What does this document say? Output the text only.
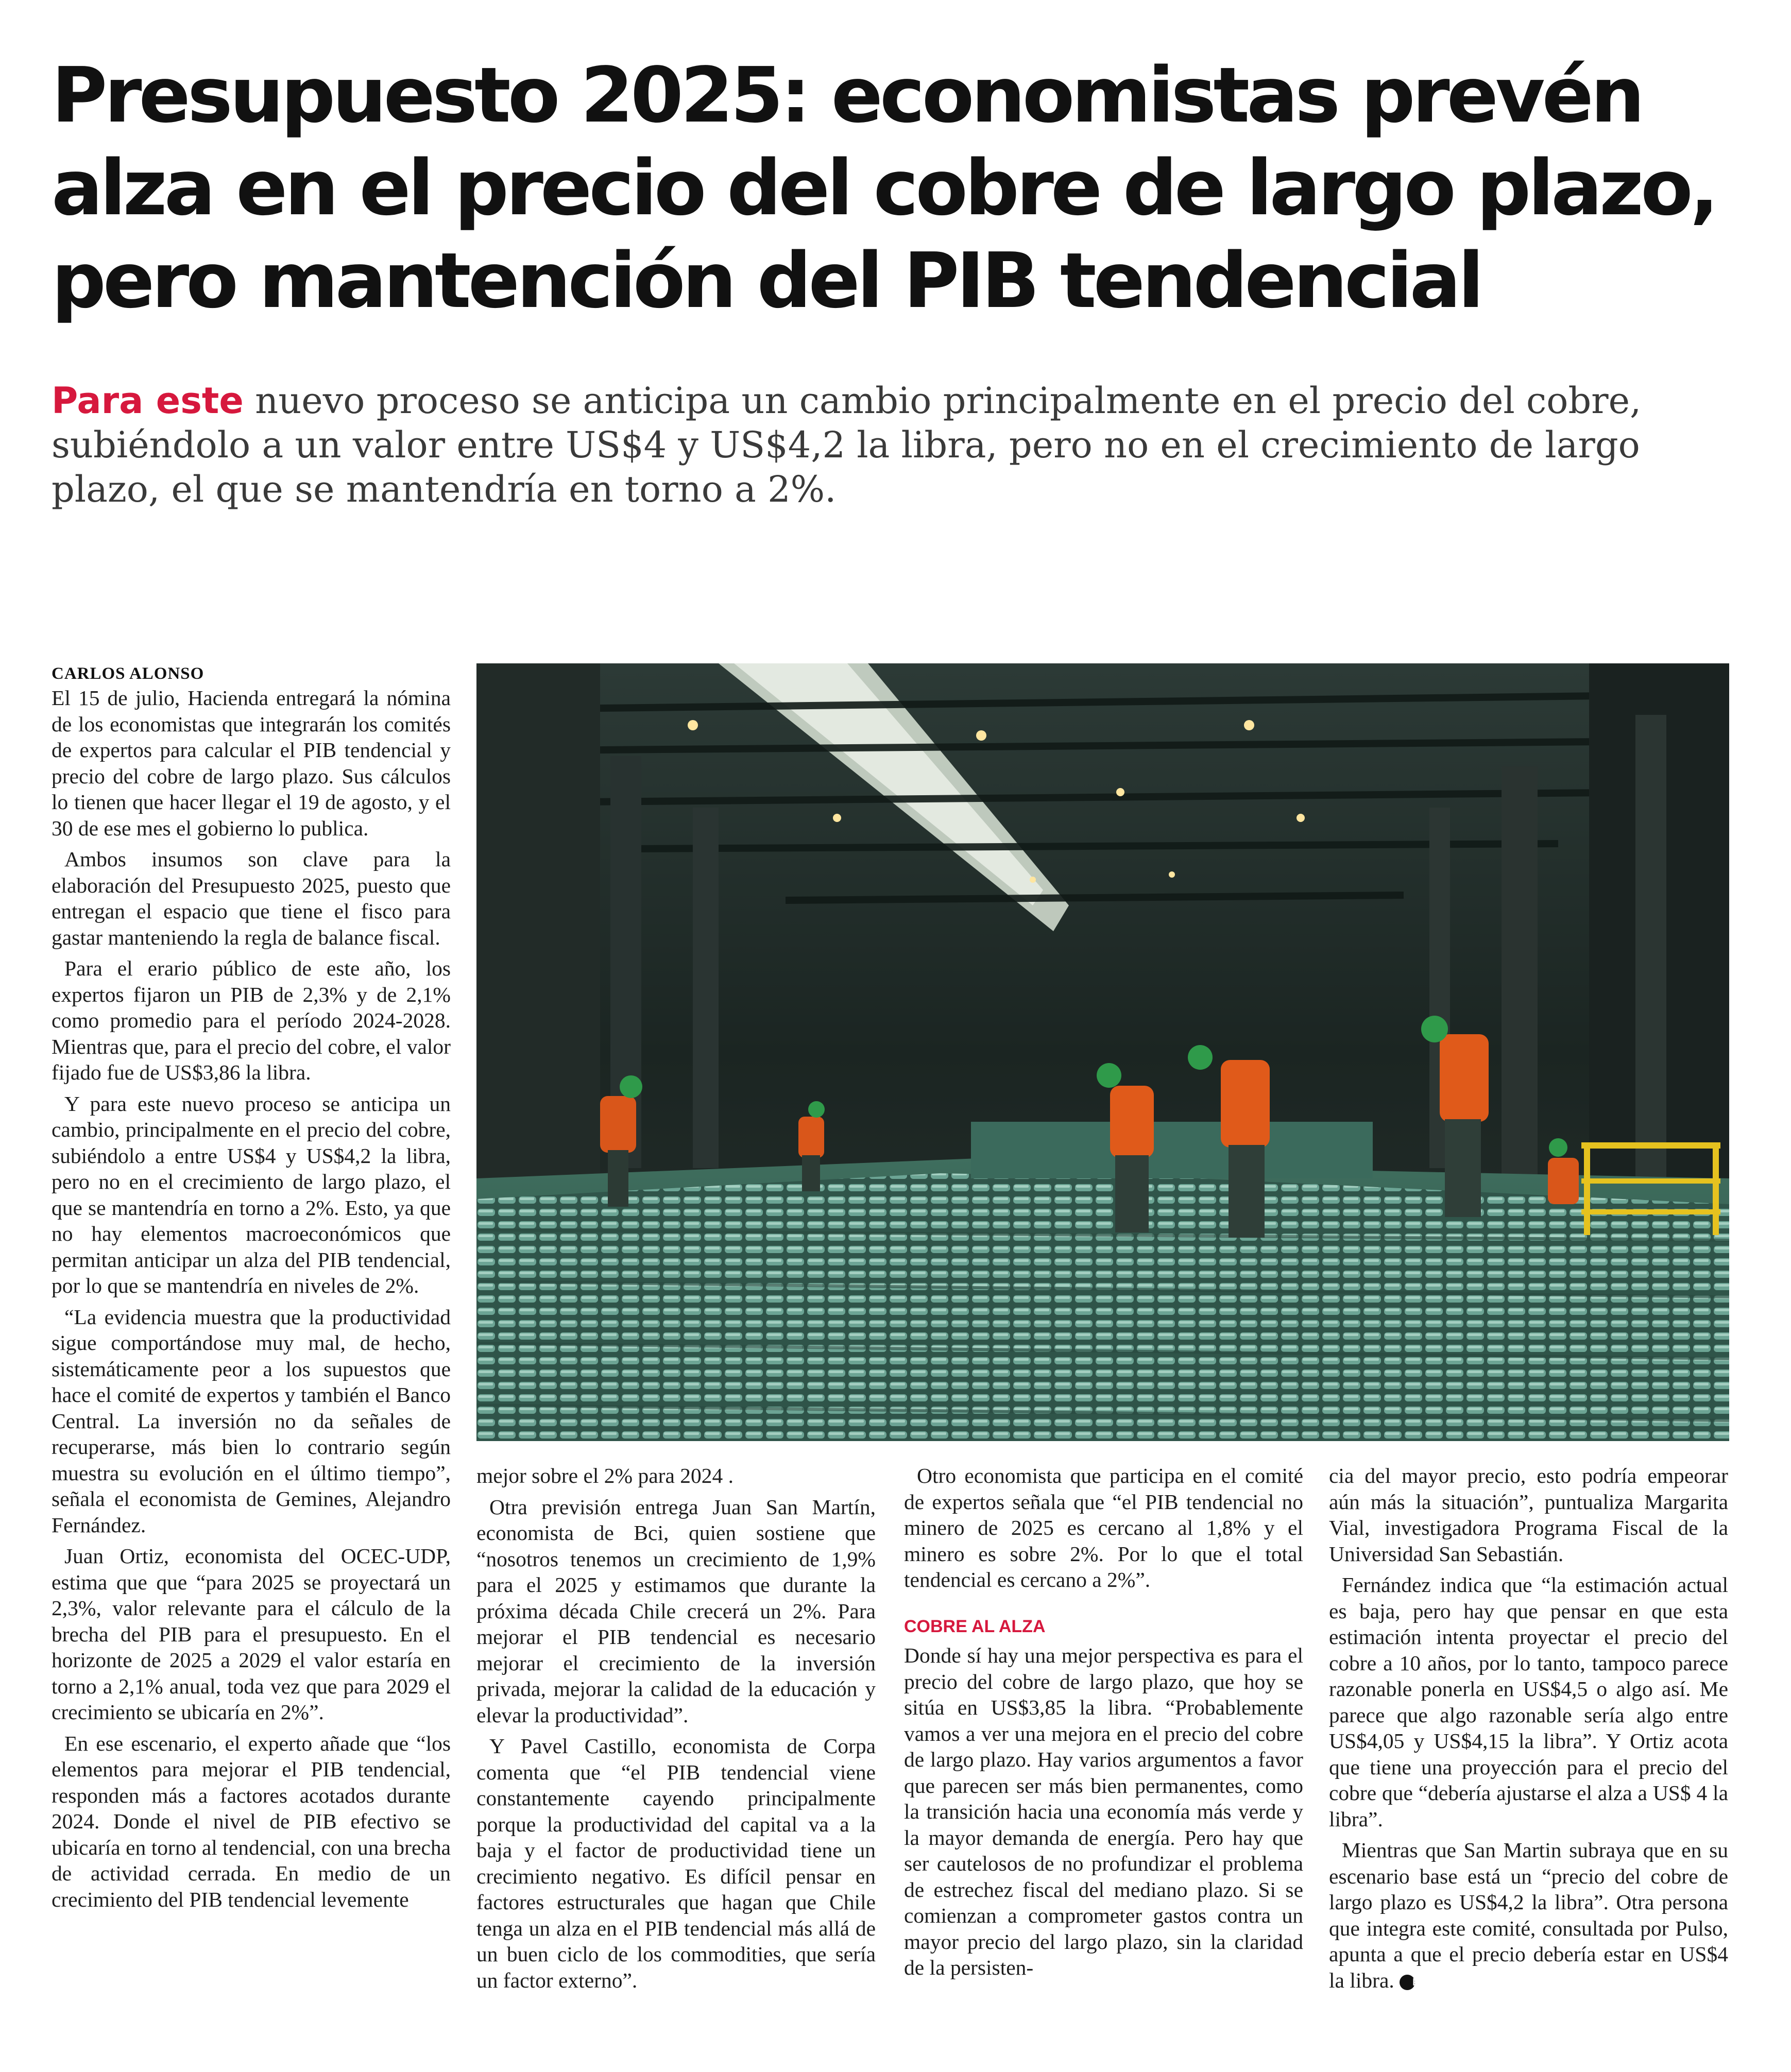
Presupuesto 2025: economistas prevén alza en el precio del cobre de largo plazo, pero mantención del PIB tendencial

Para este nuevo proceso se anticipa un cambio principalmente en el precio del cobre, subiéndolo a un valor entre US$4 y US$4,2 la libra, pero no en el crecimiento de largo plazo, el que se mantendría en torno a 2%.

CARLOS ALONSO

El 15 de julio, Hacienda entregará la nómina de los economistas que integrarán los comités de expertos para calcular el PIB tendencial y precio del cobre de largo plazo. Sus cálculos lo tienen que hacer llegar el 19 de agosto, y el 30 de ese mes el gobierno lo publica.

Ambos insumos son clave para la elaboración del Presupuesto 2025, puesto que entregan el espacio que tiene el fisco para gastar manteniendo la regla de balance fiscal.

Para el erario público de este año, los expertos fijaron un PIB de 2,3% y de 2,1% como promedio para el período 2024-2028. Mientras que, para el precio del cobre, el valor fijado fue de US$3,86 la libra.

Y para este nuevo proceso se anticipa un cambio, principalmente en el precio del cobre, subiéndolo a entre US$4 y US$4,2 la libra, pero no en el crecimiento de largo plazo, el que se mantendría en torno a 2%. Esto, ya que no hay elementos macroeconómicos que permitan anticipar un alza del PIB tendencial, por lo que se mantendría en niveles de 2%.

“La evidencia muestra que la productividad sigue comportándose muy mal, de hecho, sistemáticamente peor a los supuestos que hace el comité de expertos y también el Banco Central. La inversión no da señales de recuperarse, más bien lo contrario según muestra su evolución en el último tiempo”, señala el economista de Gemines, Alejandro Fernández.

Juan Ortiz, economista del OCEC-UDP, estima que que “para 2025 se proyectará un 2,3%, valor relevante para el cálculo de la brecha del PIB para el presupuesto. En el horizonte de 2025 a 2029 el valor estaría en torno a 2,1% anual, toda vez que para 2029 el crecimiento se ubicaría en 2%”.

En ese escenario, el experto añade que “los elementos para mejorar el PIB tendencial, responden más a factores acotados durante 2024. Donde el nivel de PIB efectivo se ubicaría en torno al tendencial, con una brecha de actividad cerrada. En medio de un crecimiento del PIB tendencial levemente

mejor sobre el 2% para 2024 .

Otra previsión entrega Juan San Martín, economista de Bci, quien sostiene que “nosotros tenemos un crecimiento de 1,9% para el 2025 y estimamos que durante la próxima década Chile crecerá un 2%. Para mejorar el PIB tendencial es necesario mejorar el crecimiento de la inversión privada, mejorar la calidad de la educación y elevar la productividad”.

Y Pavel Castillo, economista de Corpa comenta que “el PIB tendencial viene constantemente cayendo principalmente porque la productividad del capital va a la baja y el factor de productividad tiene un crecimiento negativo. Es difícil pensar en factores estructurales que hagan que Chile tenga un alza en el PIB tendencial más allá de un buen ciclo de los commodities, que sería un factor externo”.

Otro economista que participa en el comité de expertos señala que “el PIB tendencial no minero de 2025 es cercano al 1,8% y el minero es sobre 2%. Por lo que el total tendencial es cercano a 2%”.

COBRE AL ALZA

Donde sí hay una mejor perspectiva es para el precio del cobre de largo plazo, que hoy se sitúa en US$3,85 la libra. “Probablemente vamos a ver una mejora en el precio del cobre de largo plazo. Hay varios argumentos a favor que parecen ser más bien permanentes, como la transición hacia una economía más verde y la mayor demanda de energía. Pero hay que ser cautelosos de no profundizar el problema de estrechez fiscal del mediano plazo. Si se comienzan a comprometer gastos contra un mayor precio del largo plazo, sin la claridad de la persisten-

cia del mayor precio, esto podría empeorar aún más la situación”, puntualiza Margarita Vial, investigadora Programa Fiscal de la Universidad San Sebastián.

Fernández indica que “la estimación actual es baja, pero hay que pensar en que esta estimación intenta proyectar el precio del cobre a 10 años, por lo tanto, tampoco parece razonable ponerla en US$4,5 o algo así. Me parece que algo razonable sería algo entre US$4,05 y US$4,15 la libra”. Y Ortiz acota que tiene una proyección para el precio del cobre que “debería ajustarse el alza a US$ 4 la libra”.

Mientras que San Martin subraya que en su escenario base está un “precio del cobre de largo plazo es US$4,2 la libra”. Otra persona que integra este comité, consultada por Pulso, apunta a que el precio debería estar en US$4 la libra. P
